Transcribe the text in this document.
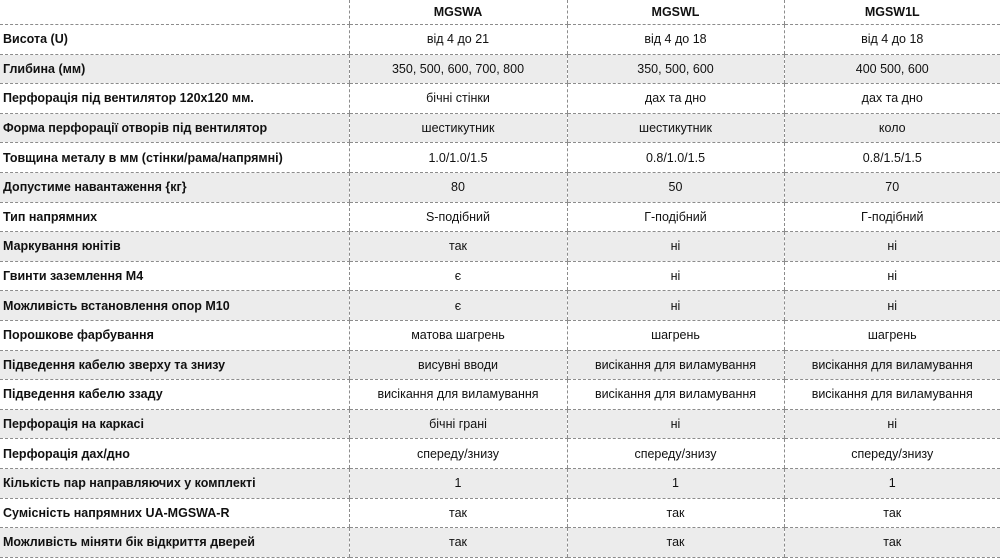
	MGSWA	MGSWL	MGSW1L
Висота (U)	від 4 до 21	від 4 до 18	від 4 до 18
Глибина (мм)	350, 500, 600, 700, 800	350, 500, 600	400 500, 600
Перфорація під вентилятор 120х120 мм.	бічні стінки	дах та дно	дах та дно
Форма перфорації отворів під вентилятор	шестикутник	шестикутник	коло
Товщина металу в мм (стінки/рама/напрямні)	1.0/1.0/1.5	0.8/1.0/1.5	0.8/1.5/1.5
Допустиме навантаження {кг}	80	50	70
Тип напрямних	S-подібний	Г-подібний	Г-подібний
Маркування юнітів	так	ні	ні
Гвинти заземлення М4	є	ні	ні
Можливість встановлення опор М10	є	ні	ні
Порошкове фарбування	матова шагрень	шагрень	шагрень
Підведення кабелю зверху та знизу	висувні вводи	висікання для виламування	висікання для виламування
Підведення кабелю ззаду	висікання для виламування	висікання для виламування	висікання для виламування
Перфорація на каркасі	бічні грані	ні	ні
Перфорація дах/дно	спереду/знизу	спереду/знизу	спереду/знизу
Кількість пар направляючих у комплекті	1	1	1
Сумісність напрямних UA-MGSWA-R	так	так	так
Можливість міняти бік відкриття дверей	так	так	так
